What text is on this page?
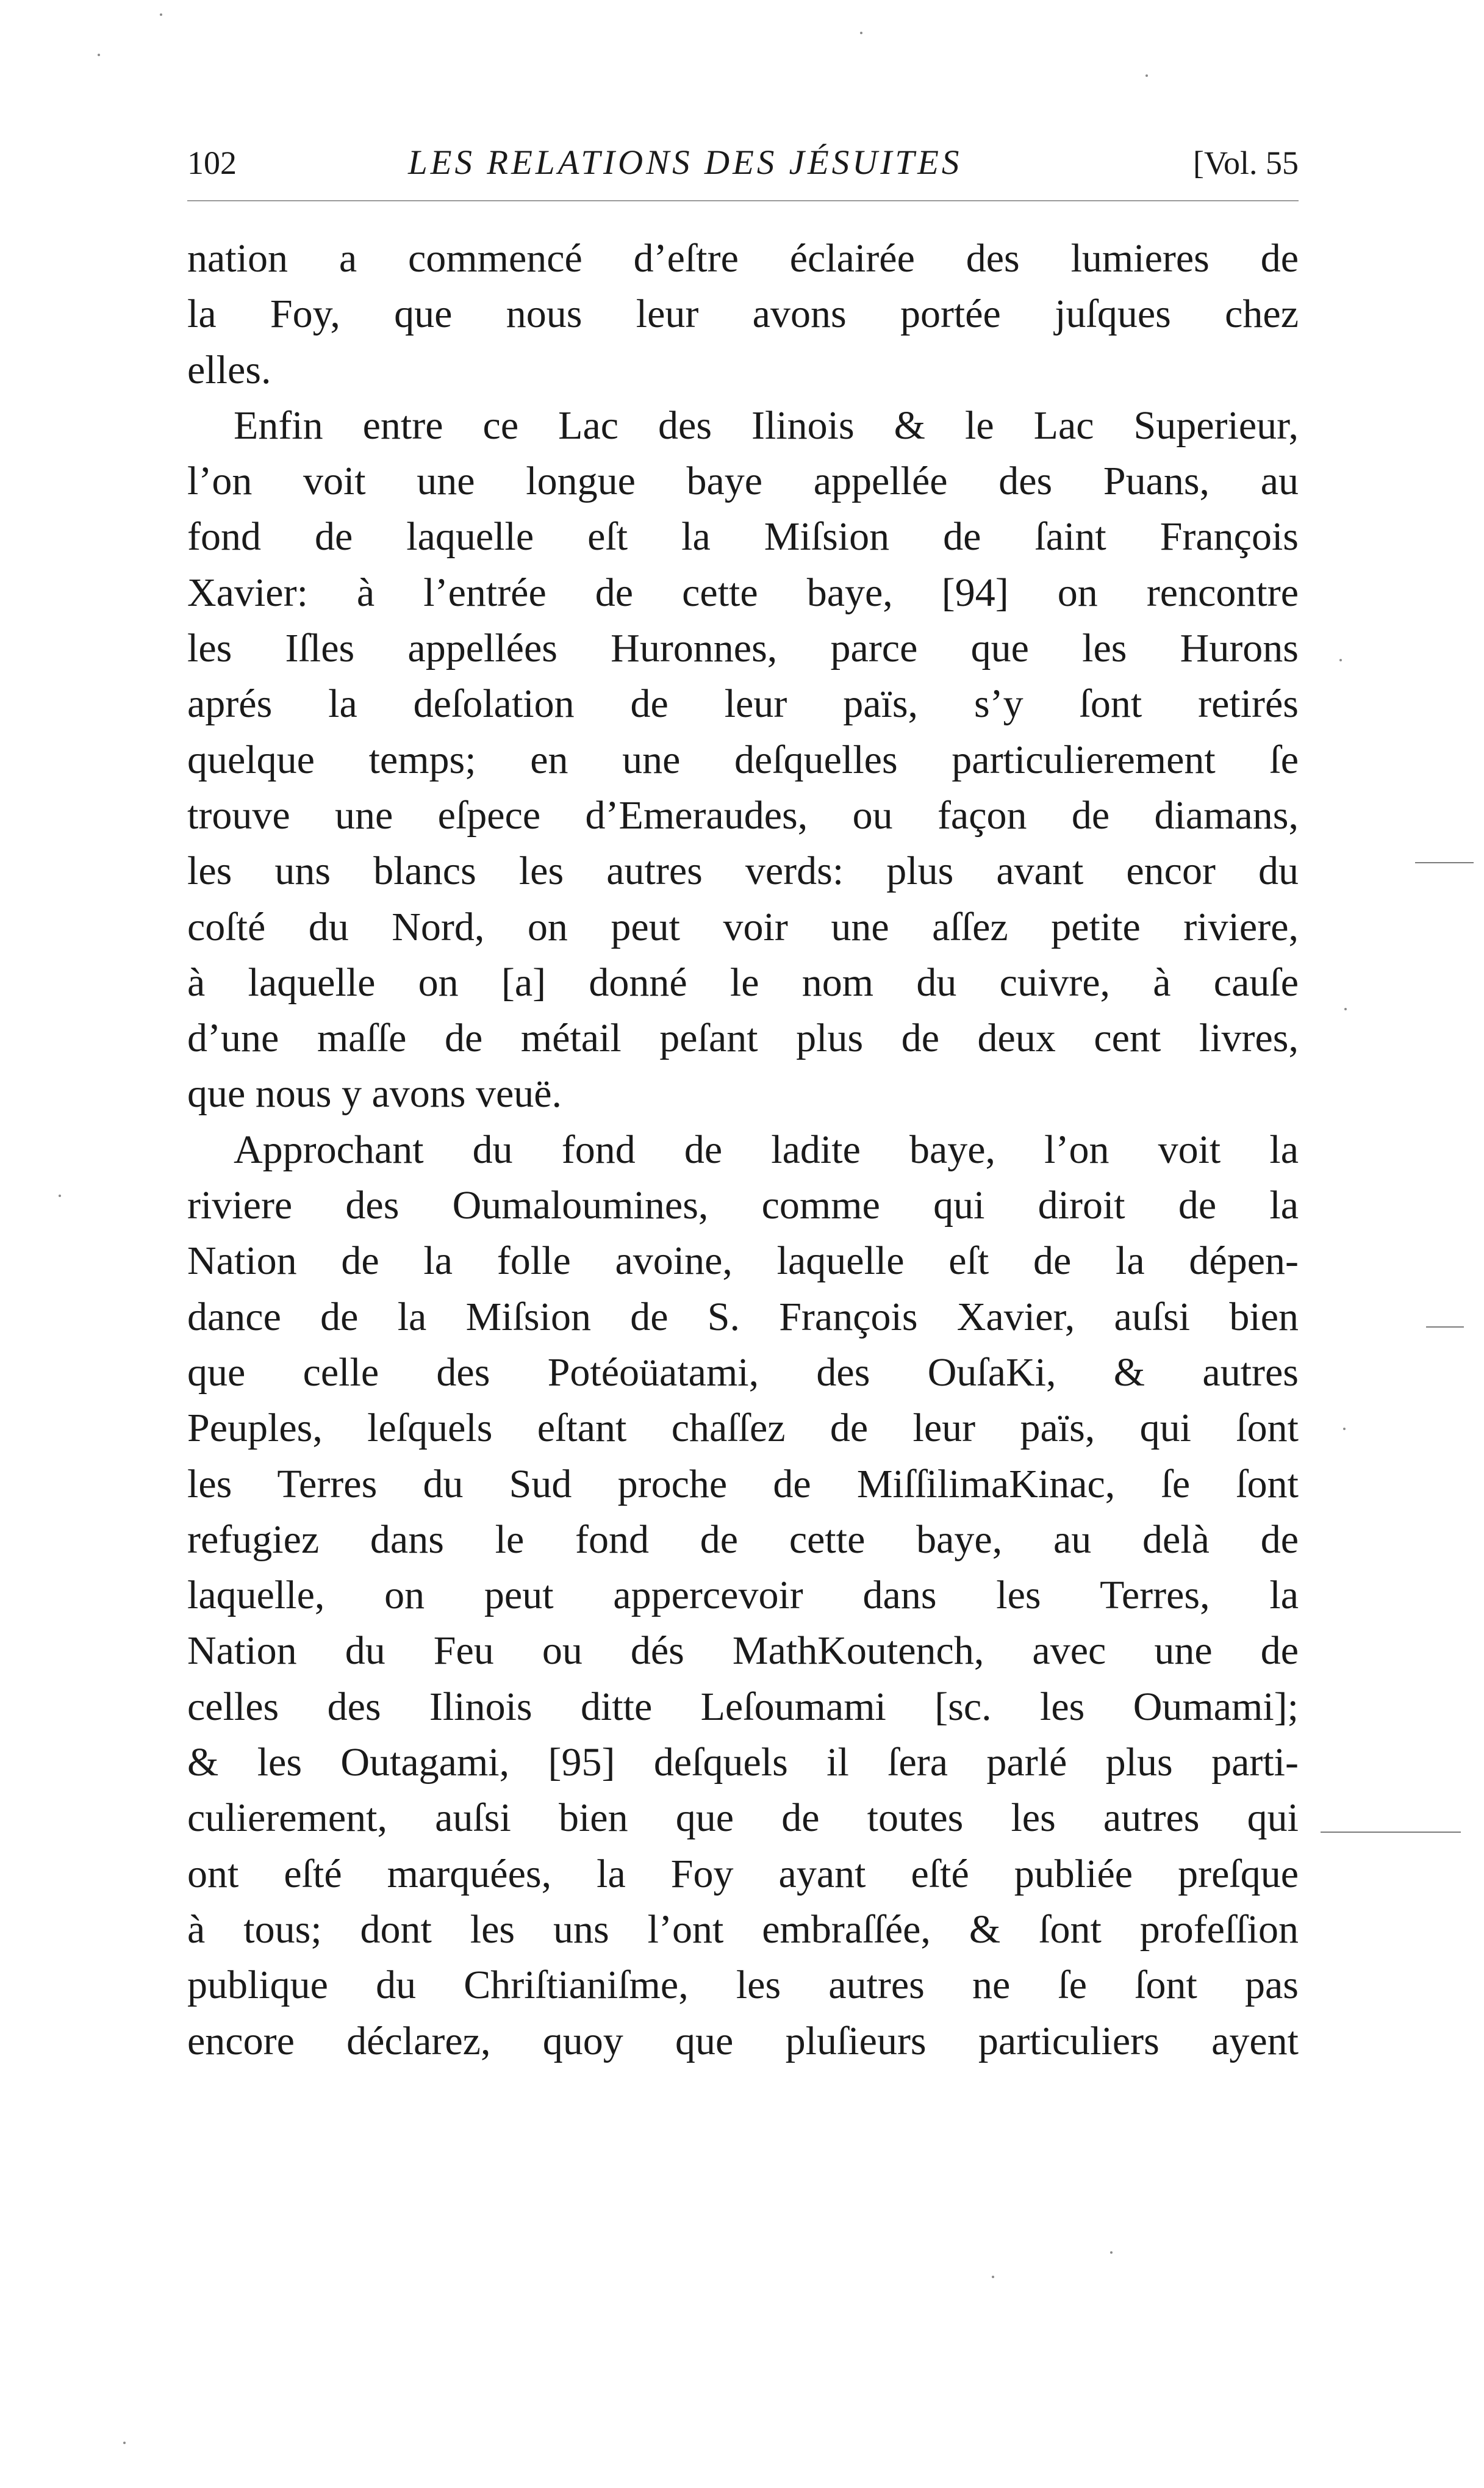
102	LES RELATIONS DES JÉSUITES	[Vol. 55
nation a commencé d’eſtre éclairée des lumieres de
la Foy, que nous leur avons portée juſques chez
elles.
Enfin entre ce Lac des Ilinois & le Lac Superieur,
l’on voit une longue baye appellée des Puans, au
fond de laquelle eſt la Miſsion de ſaint François
Xavier: à l’entrée de cette baye, [94] on rencontre
les Iſles appellées Huronnes, parce que les Hurons
aprés la deſolation de leur païs, s’y ſont retirés
quelque temps; en une deſquelles particulierement ſe
trouve une eſpece d’Emeraudes, ou façon de diamans,
les uns blancs les autres verds: plus avant encor du
coſté du Nord, on peut voir une aſſez petite riviere,
à laquelle on [a] donné le nom du cuivre, à cauſe
d’une maſſe de métail peſant plus de deux cent livres,
que nous y avons veuë.
Approchant du fond de ladite baye, l’on voit la
riviere des Oumaloumines, comme qui diroit de la
Nation de la folle avoine, laquelle eſt de la dépen-
dance de la Miſsion de S. François Xavier, auſsi bien
que celle des Potéoüatami, des OuſaKi, & autres
Peuples, leſquels eſtant chaſſez de leur païs, qui ſont
les Terres du Sud proche de MiſſilimaKinac, ſe ſont
refugiez dans le fond de cette baye, au delà de
laquelle, on peut appercevoir dans les Terres, la
Nation du Feu ou dés MathKoutench, avec une de
celles des Ilinois ditte Leſoumami [sc. les Oumami];
& les Outagami, [95] deſquels il ſera parlé plus parti-
culierement, auſsi bien que de toutes les autres qui
ont eſté marquées, la Foy ayant eſté publiée preſque
à tous; dont les uns l’ont embraſſée, & ſont profeſſion
publique du Chriſtianiſme, les autres ne ſe ſont pas
encore déclarez, quoy que pluſieurs particuliers ayent
